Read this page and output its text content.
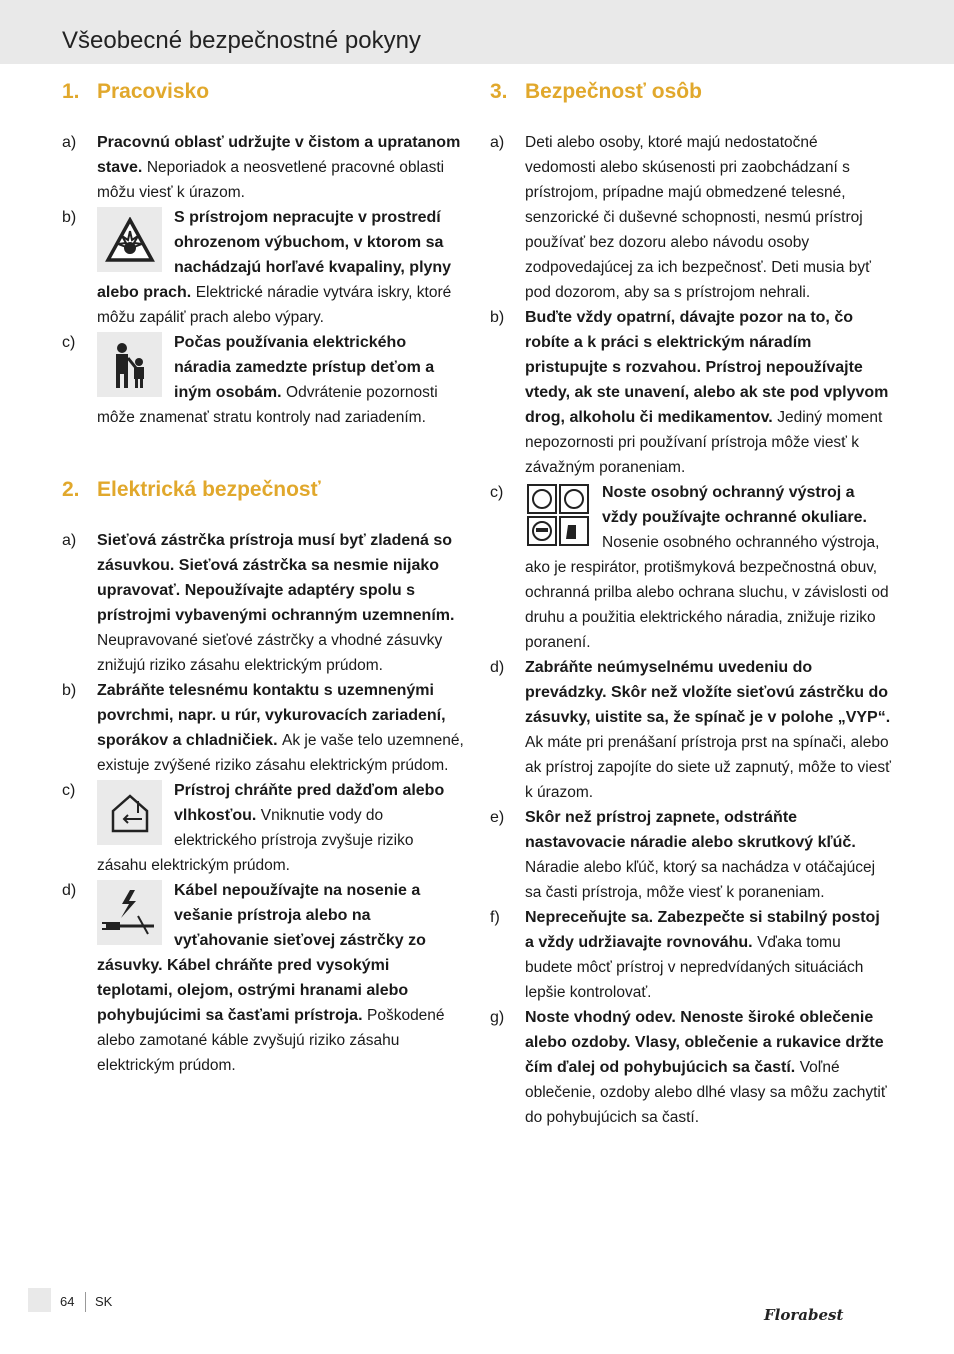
Všeobecné bezpečnostné pokyny
1. Pracovisko
a) Pracovnú oblasť udržujte v čistom a upratanom stave. Neporiadok a neosvetlené pracovné oblasti môžu viesť k úrazom.

b)	S prístrojom nepracujte v prostredí ohrozenom výbuchom, v ktorom sa nachádzajú horľavé kvapaliny, plyny alebo prach. Elektrické náradie vytvára iskry, ktoré môžu zapáliť prach alebo výpary.

c)	Počas používania elektrického náradia zamedzte prístup deťom a iným osobám. Odvrátenie pozornosti môže znamenať stratu kontroly nad zariadením.

2. Elektrická bezpečnosť
a) Sieťová zástrčka prístroja musí byť zladená so zásuvkou. Sieťová zástrčka sa nesmie nijako upravovať. Nepoužívajte adaptéry spolu s prístrojmi vybavenými ochranným uzemnením. Neupravované sieťové zástrčky a vhodné zásuvky znižujú riziko zásahu elektrickým prúdom.

b) Zabráňte telesnému kontaktu s uzemnenými povrchmi, napr. u rúr, vykurovacích zariadení, sporákov a chladničiek. Ak je vaše telo uzemnené, existuje zvýšené riziko zásahu elektrickým prúdom.

c)	Prístroj chráňte pred dažďom alebo vlhkosťou. Vniknutie vody do elektrického prístroja zvyšuje riziko zásahu elektrickým prúdom.

d)	Kábel nepoužívajte na nosenie a vešanie prístroja alebo na vyťahovanie sieťovej zástrčky zo zásuvky. Kábel chráňte pred vysokými teplotami, olejom, ostrými hranami alebo pohybujúcimi sa časťami prístroja. Poškodené alebo zamotané káble zvyšujú riziko zásahu elektrickým prúdom.

3. Bezpečnosť osôb
a) Deti alebo osoby, ktoré majú nedostatočné vedomosti alebo skúsenosti pri zaobchádzaní s prístrojom, prípadne majú obmedzené telesné, senzorické či duševné schopnosti, nesmú prístroj používať bez dozoru alebo návodu osoby zodpovedajúcej za ich bezpečnosť. Deti musia byť pod dozorom, aby sa s prístrojom nehrali.

b) Buďte vždy opatrní, dávajte pozor na to, čo robíte a k práci s elektrickým náradím pristupujte s rozvahou. Prístroj nepoužívajte vtedy, ak ste unavení, alebo ak ste pod vplyvom drog, alkoholu či medikamentov. Jediný moment nepozornosti pri používaní prístroja môže viesť k závažným poraneniam.

c)	Noste osobný ochranný výstroj a vždy používajte ochranné okuliare. Nosenie osobného ochranného výstroja, ako je respirátor, protišmyková bezpečnostná obuv, ochranná prilba alebo ochrana sluchu, v závislosti od druhu a použitia elektrického náradia, znižuje riziko poranení.

d) Zabráňte neúmyselnému uvedeniu do prevádzky. Skôr než vložíte sieťovú zástrčku do zásuvky, uistite sa, že spínač je v polohe „VYP“. Ak máte pri prenášaní prístroja prst na spínači, alebo ak prístroj zapojíte do siete už zapnutý, môže to viesť k úrazom.

e) Skôr než prístroj zapnete, odstráňte nastavovacie náradie alebo skrutkový kľúč. Náradie alebo kľúč, ktorý sa nachádza v otáčajúcej sa časti prístroja, môže viesť k poraneniam.

f) Nepreceňujte sa. Zabezpečte si stabilný postoj a vždy udržiavajte rovnováhu. Vďaka tomu budete môcť prístroj v nepredvídaných situáciách lepšie kontrolovať.

g) Noste vhodný odev. Nenoste široké oblečenie alebo ozdoby. Vlasy, oblečenie a rukavice držte čím ďalej od pohybujúcich sa častí. Voľné oblečenie, ozdoby alebo dlhé vlasy sa môžu zachytiť do pohybujúcich sa častí.

64 SK
Florabest
